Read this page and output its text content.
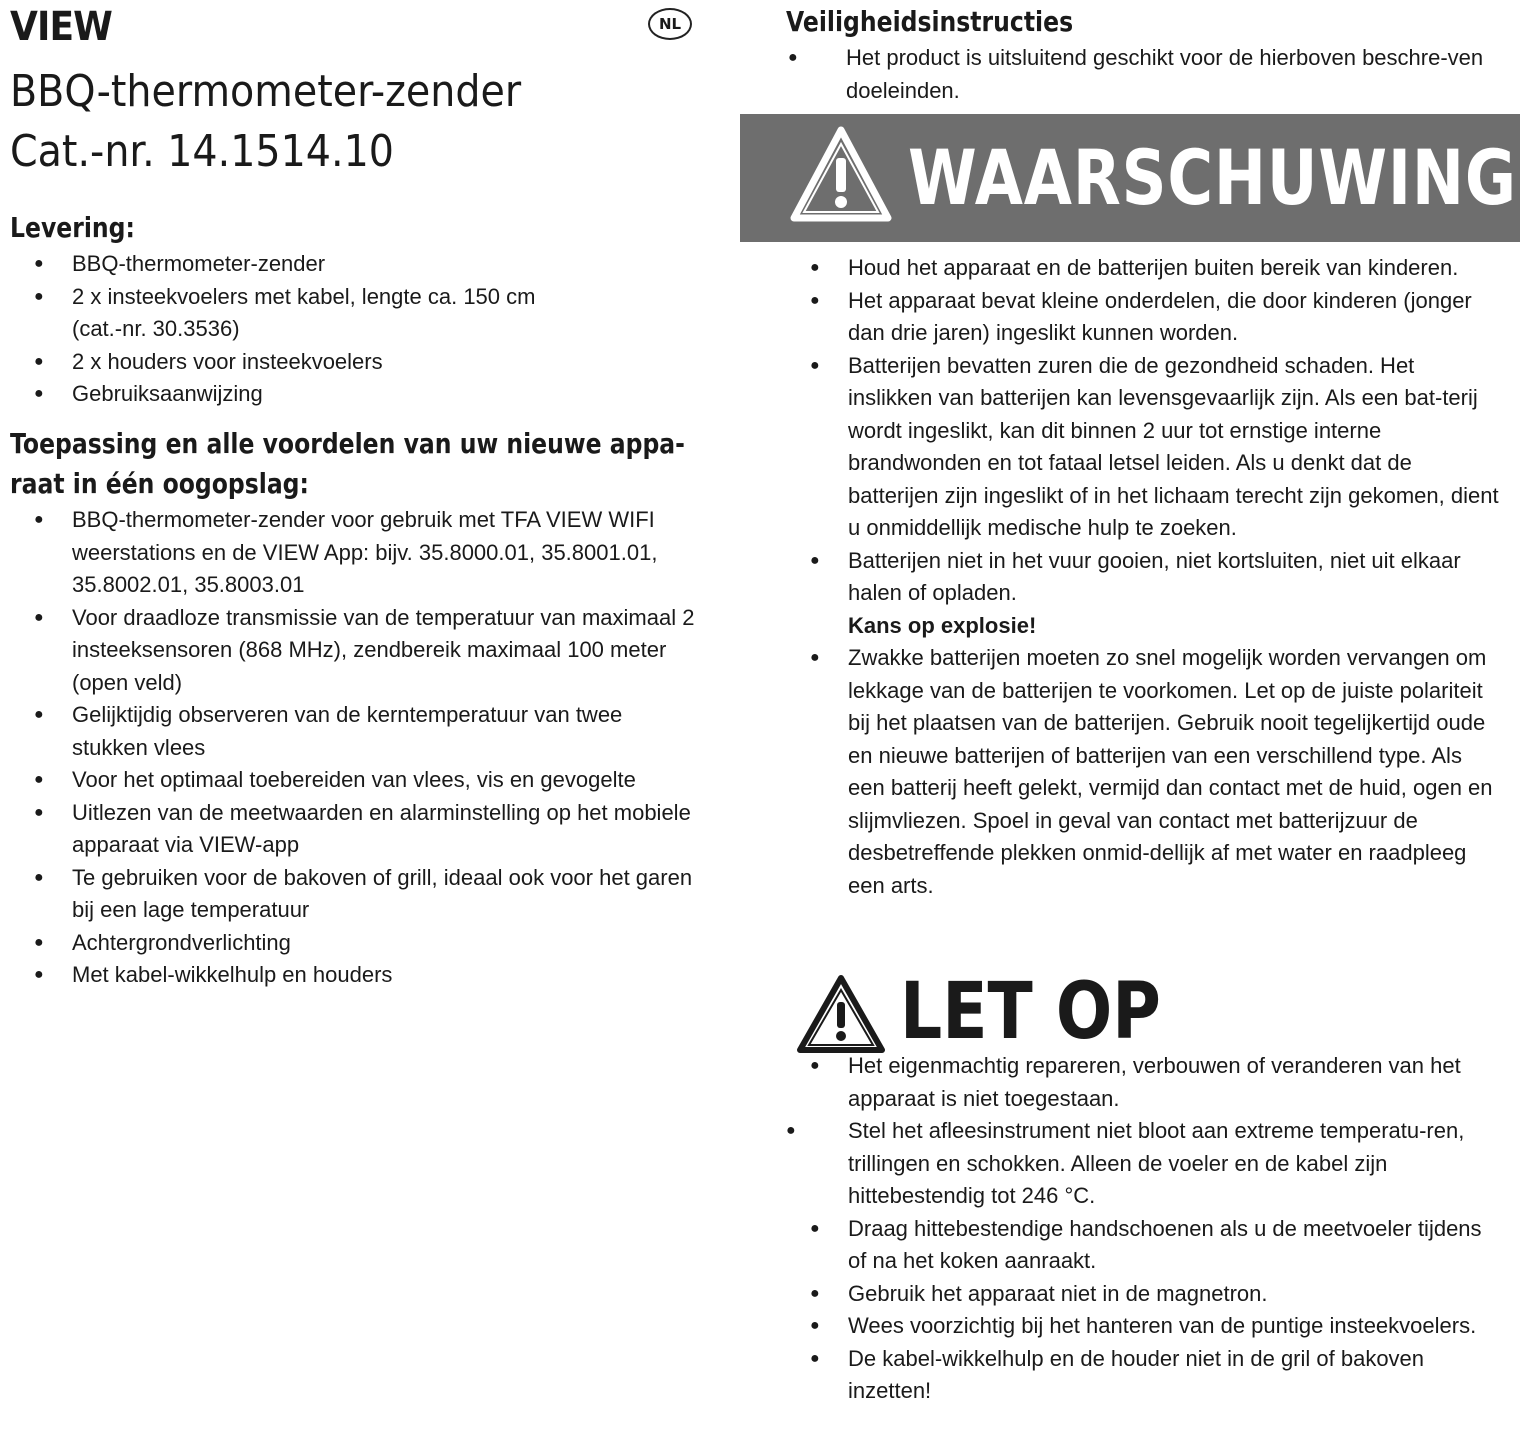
VIEW	NL
BBQ-thermometer-zender
Cat.-nr. 14.1514.10
Levering:
● BBQ-thermometer-zender
● 2 x insteekvoelers met kabel, lengte ca. 150 cm (cat.-nr. 30.3536)
● 2 x houders voor insteekvoelers
● Gebruiksaanwijzing
Toepassing en alle voordelen van uw nieuwe appa-
raat in één oogopslag:
● BBQ-thermometer-zender voor gebruik met TFA VIEW WIFI weerstations en de VIEW App: bijv. 35.8000.01, 35.8001.01, 35.8002.01, 35.8003.01
● Voor draadloze transmissie van de temperatuur van maximaal 2 insteeksensoren (868 MHz), zendbereik maximaal 100 meter (open veld)
● Gelijktijdig observeren van de kerntemperatuur van twee stukken vlees
● Voor het optimaal toebereiden van vlees, vis en gevogelte
● Uitlezen van de meetwaarden en alarminstelling op het mobiele apparaat via VIEW-app
● Te gebruiken voor de bakoven of grill, ideaal ook voor het garen bij een lage temperatuur
● Achtergrondverlichting
● Met kabel-wikkelhulp en houders
Veiligheidsinstructies
● Het product is uitsluitend geschikt voor de hierboven beschre-ven doeleinden.
WAARSCHUWING
● Houd het apparaat en de batterijen buiten bereik van kinderen.
● Het apparaat bevat kleine onderdelen, die door kinderen (jonger dan drie jaren) ingeslikt kunnen worden.
● Batterijen bevatten zuren die de gezondheid schaden. Het inslikken van batterijen kan levensgevaarlijk zijn. Als een bat-terij wordt ingeslikt, kan dit binnen 2 uur tot ernstige interne brandwonden en tot fataal letsel leiden. Als u denkt dat de batterijen zijn ingeslikt of in het lichaam terecht zijn gekomen, dient u onmiddellijk medische hulp te zoeken.
● Batterijen niet in het vuur gooien, niet kortsluiten, niet uit elkaar halen of opladen.
Kans op explosie!
● Zwakke batterijen moeten zo snel mogelijk worden vervangen om lekkage van de batterijen te voorkomen. Let op de juiste polariteit bij het plaatsen van de batterijen. Gebruik nooit tegelijkertijd oude en nieuwe batterijen of batterijen van een verschillend type. Als een batterij heeft gelekt, vermijd dan contact met de huid, ogen en slijmvliezen. Spoel in geval van contact met batterijzuur de desbetreffende plekken onmid-dellijk af met water en raadpleeg een arts.
LET OP
● Het eigenmachtig repareren, verbouwen of veranderen van het apparaat is niet toegestaan.
● Stel het afleesinstrument niet bloot aan extreme temperatu-ren, trillingen en schokken. Alleen de voeler en de kabel zijn hittebestendig tot 246 °C.
● Draag hittebestendige handschoenen als u de meetvoeler tijdens of na het koken aanraakt.
● Gebruik het apparaat niet in de magnetron.
● Wees voorzichtig bij het hanteren van de puntige insteekvoelers.
● De kabel-wikkelhulp en de houder niet in de gril of bakoven inzetten!
